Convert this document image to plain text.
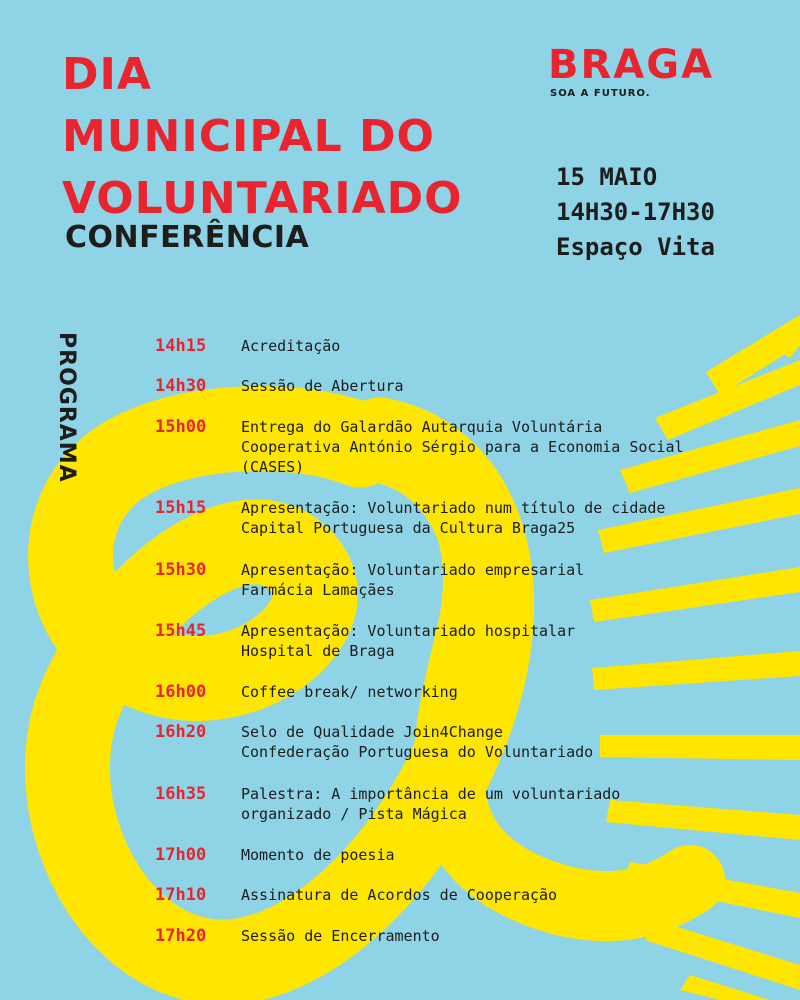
DIA
MUNICIPAL DO
VOLUNTARIADO
CONFERÊNCIA
BRAGA
SOA A FUTURO.
15 MAIO
14H30-17H30
Espaço Vita
PROGRAMA	14h15 Acreditação
14h30 Sessão de Abertura
15h00 Entrega do Galardão Autarquia Voluntária
Cooperativa António Sérgio para a Economia Social
(CASES)
15h15 Apresentação: Voluntariado num título de cidade
Capital Portuguesa da Cultura Braga25
15h30 Apresentação: Voluntariado empresarial
Farmácia Lamaçães
15h45 Apresentação: Voluntariado hospitalar
Hospital de Braga
16h00 Coffee break/ networking
16h20 Selo de Qualidade Join4Change
Confederação Portuguesa do Voluntariado
16h35 Palestra: A importância de um voluntariado
organizado / Pista Mágica
17h00 Momento de poesia
17h10 Assinatura de Acordos de Cooperação
17h20 Sessão de Encerramento
